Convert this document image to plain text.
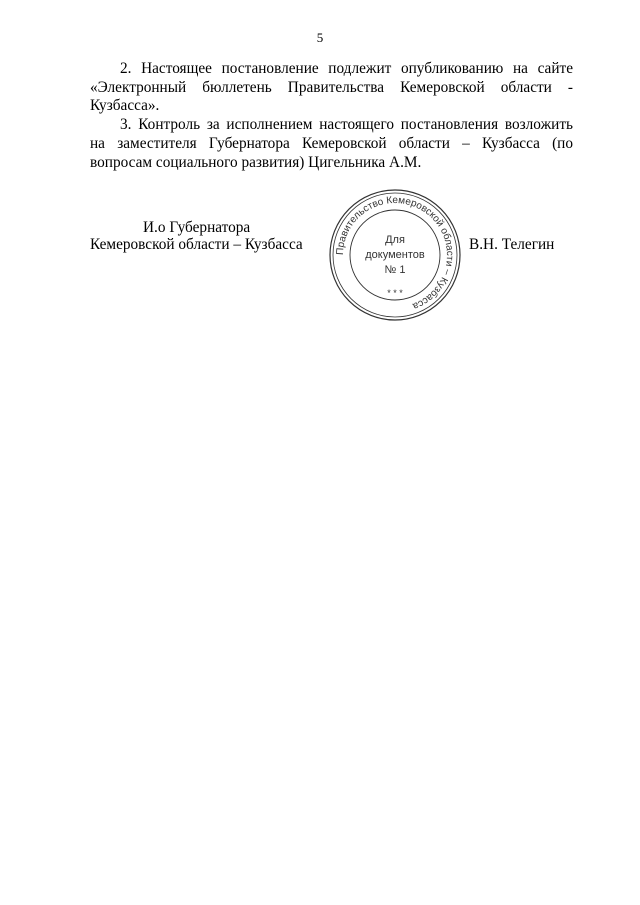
5

2. Настоящее постановление подлежит опубликованию на сайте «Электронный бюллетень Правительства Кемеровской области - Кузбасса».

3. Контроль за исполнением настоящего постановления возложить на заместителя Губернатора Кемеровской области – Кузбасса (по вопросам социального развития) Цигельника А.М.

И.о Губернатора
Кемеровской области – Кузбасса	В.Н. Телегин
Правительство Кемеровской области – Кузбасса
* * *
Для
документов
№ 1
